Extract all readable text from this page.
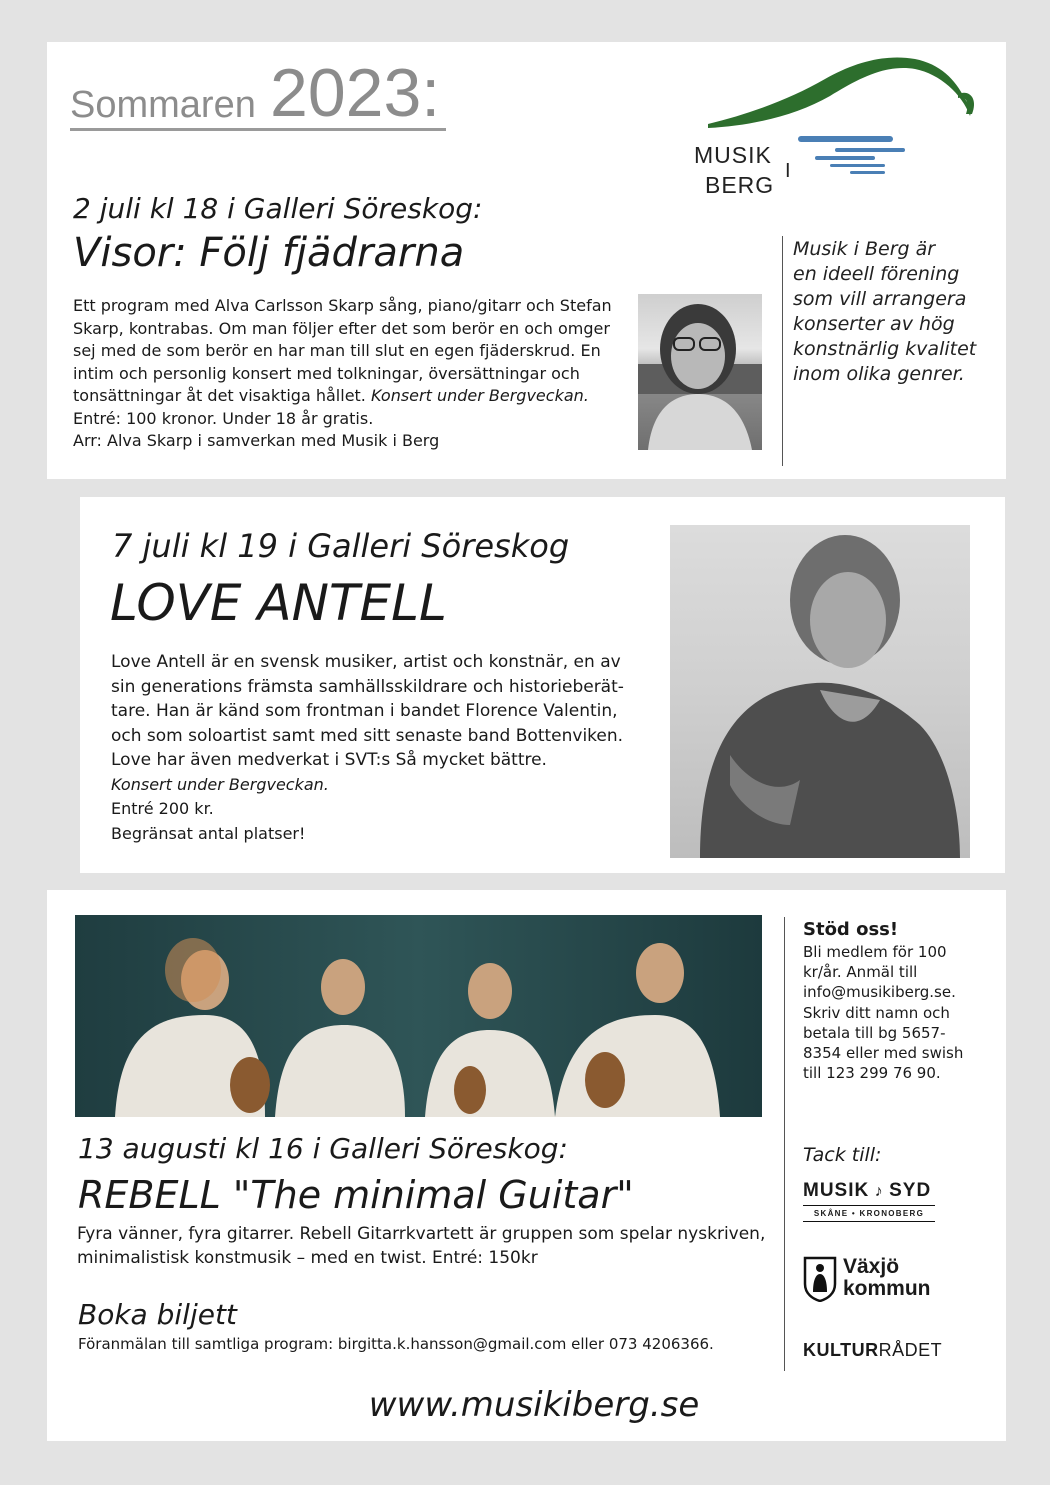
Sommaren 2023:
MUSIK
BERG
I
2 juli kl 18 i Galleri Söreskog:
Visor: Följ fjädrarna
Ett program med Alva Carlsson Skarp sång, piano/gitarr och Stefan
Skarp, kontrabas. Om man följer efter det som berör en och omger
sej med de som berör en har man till slut en egen fjäderskrud. En
intim och personlig konsert med tolkningar, översättningar och
tonsättningar åt det visaktiga hållet. Konsert under Bergveckan.
Entré: 100 kronor. Under 18 år gratis.
Arr: Alva Skarp i samverkan med Musik i Berg
Musik i Berg är
en ideell förening
som vill arrangera
konserter av hög
konstnärlig kvalitet
inom olika genrer.
7 juli kl 19 i Galleri Söreskog
LOVE ANTELL
Love Antell är en svensk musiker, artist och konstnär, en av
sin generations främsta samhällsskildrare och historieberät-
tare. Han är känd som frontman i bandet Florence Valentin,
och som soloartist samt med sitt senaste band Bottenviken.
Love har även medverkat i SVT:s Så mycket bättre.
Konsert under Bergveckan.
Entré 200 kr.
Begränsat antal platser!
13 augusti kl 16 i Galleri Söreskog:
REBELL "The minimal Guitar"
Fyra vänner, fyra gitarrer. Rebell Gitarrkvartett är gruppen som spelar nyskriven,
minimalistisk konstmusik – med en twist. Entré: 150kr
Boka biljett
Föranmälan till samtliga program: birgitta.k.hansson@gmail.com eller 073 4206366.
Stöd oss!
Bli medlem för 100
kr/år. Anmäl till
info@musikiberg.se.
Skriv ditt namn och
betala till bg 5657-
8354 eller med swish
till 123 299 76 90.
Tack till:
MUSIK ♪ SYD
SKÅNE • KRONOBERG
Växjö
kommun
KULTURRÅDET
www.musikiberg.se
